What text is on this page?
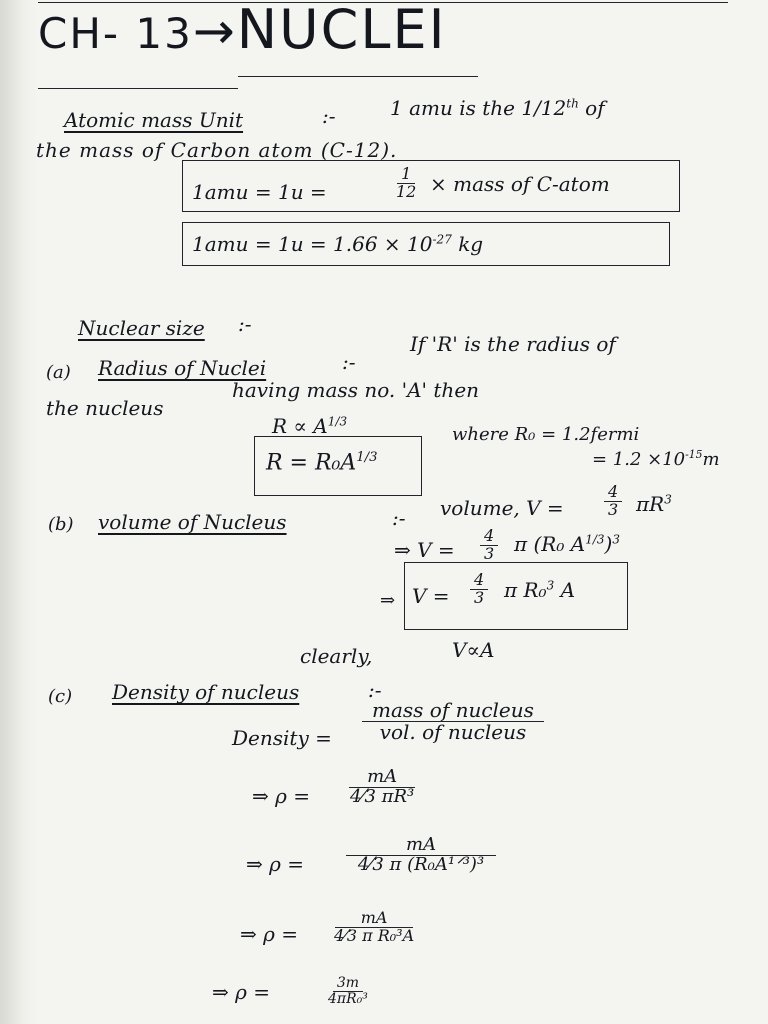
CH- 13→NUCLEI
Atomic mass Unit	:-	1 amu is the 1/12th of
the mass of Carbon atom (C-12).
1amu = 1u =	$\frac{1}{12}$ × mass of C-atom
$1amu = 1u = 1.66 \times 10^{-27}$ kg
Nuclear size :-
(a) Radius of Nuclei	:-
If 'R' is the radius of
the nucleus
having mass no. 'A' then
$R \propto A^{1/3}$
$R = R_0A^{1/3}$
where R₀ = 1.2fermi
= $1.2 \times 10^{-15}m$
(b) volume of Nucleus	:- volume, V =	$\frac{4}{3} \pi R^3$
⇒ $V = \frac{4}{3}$ π (R₀ $A^{1/3})^3$
⇒ $V = \frac{4}{3}$ π R₀$^3$ A
clearly,	V∝A
(c) Density of nucleus	:-
Density =
mass of nucleus
vol. of nucleus
⇒ $\rho = \frac{mA}{\text{4⁄3 πR³}}$
⇒ ρ =
mA
4⁄3 π (R₀A¹ᐟ³)³
⇒ $\rho = \frac{mA}{\text{4⁄3 π R₀³A}}$
⇒ ρ =	$\frac{3m}{\text{4πR₀³}}$
